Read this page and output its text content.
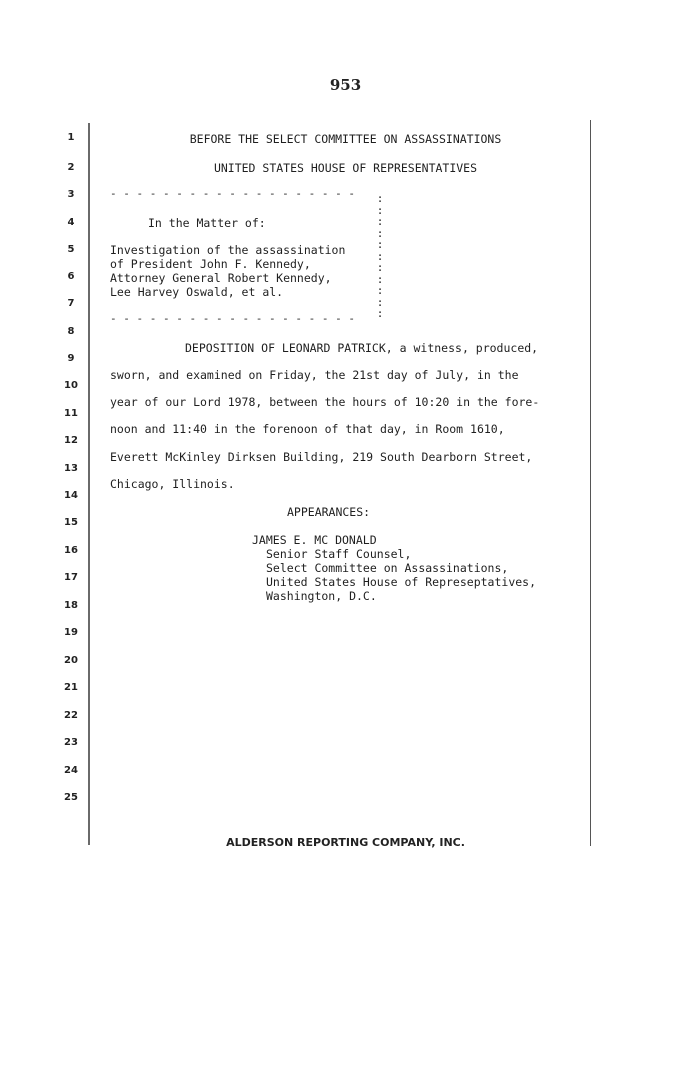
953
1
2
3
4
5
6
7
8
9
10
11
12
13
14
15
16
17
18
19
20
21
22
23
24
25
BEFORE THE SELECT COMMITTEE ON ASSASSINATIONS
UNITED STATES HOUSE OF REPRESENTATIVES
- - - - - - - - - - - - - - - - - - -
In the Matter of:
Investigation of the assassination
of President John F. Kennedy,
Attorney General Robert Kennedy,
Lee Harvey Oswald, et al.
- - - - - - - - - - - - - - - - - - -
:
:
:
:
:
:
:
:
:
:
:
DEPOSITION OF LEONARD PATRICK, a witness, produced,
sworn, and examined on Friday, the 21st day of July, in the
year of our Lord 1978, between the hours of 10:20 in the fore-
noon and 11:40 in the forenoon of that day, in Room 1610,
Everett McKinley Dirksen Building, 219 South Dearborn Street,
Chicago, Illinois.
APPEARANCES:
JAMES E. MC DONALD
Senior Staff Counsel,
Select Committee on Assassinations,
United States House of Represeptatives,
Washington, D.C.
ALDERSON REPORTING COMPANY, INC.
